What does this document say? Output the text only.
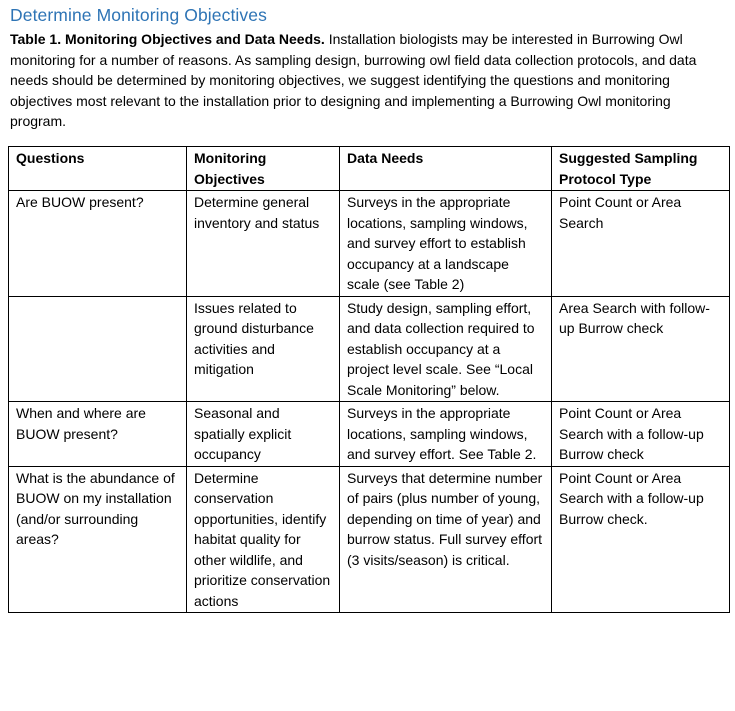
Determine Monitoring Objectives

Table 1. Monitoring Objectives and Data Needs. Installation biologists may be interested in Burrowing Owl monitoring for a number of reasons. As sampling design, burrowing owl field data collection protocols, and data needs should be determined by monitoring objectives, we suggest identifying the questions and monitoring objectives most relevant to the installation prior to designing and implementing a Burrowing Owl monitoring program.

Questions	Monitoring Objectives	Data Needs	Suggested Sampling Protocol Type
Are BUOW present?	Determine general inventory and status	Surveys in the appropriate locations, sampling windows, and survey effort to establish occupancy at a landscape scale (see Table 2)	Point Count or Area Search
	Issues related to ground disturbance activities and mitigation	Study design, sampling effort, and data collection required to establish occupancy at a project level scale. See “Local Scale Monitoring” below.	Area Search with follow-up Burrow check
When and where are BUOW present?	Seasonal and spatially explicit occupancy	Surveys in the appropriate locations, sampling windows, and survey effort. See Table 2.	Point Count or Area Search with a follow-up Burrow check
What is the abundance of BUOW on my installation (and/or surrounding areas?	Determine conservation opportunities, identify habitat quality for other wildlife, and prioritize conservation actions	Surveys that determine number of pairs (plus number of young, depending on time of year) and burrow status. Full survey effort (3 visits/season) is critical.	Point Count or Area Search with a follow-up Burrow check.
